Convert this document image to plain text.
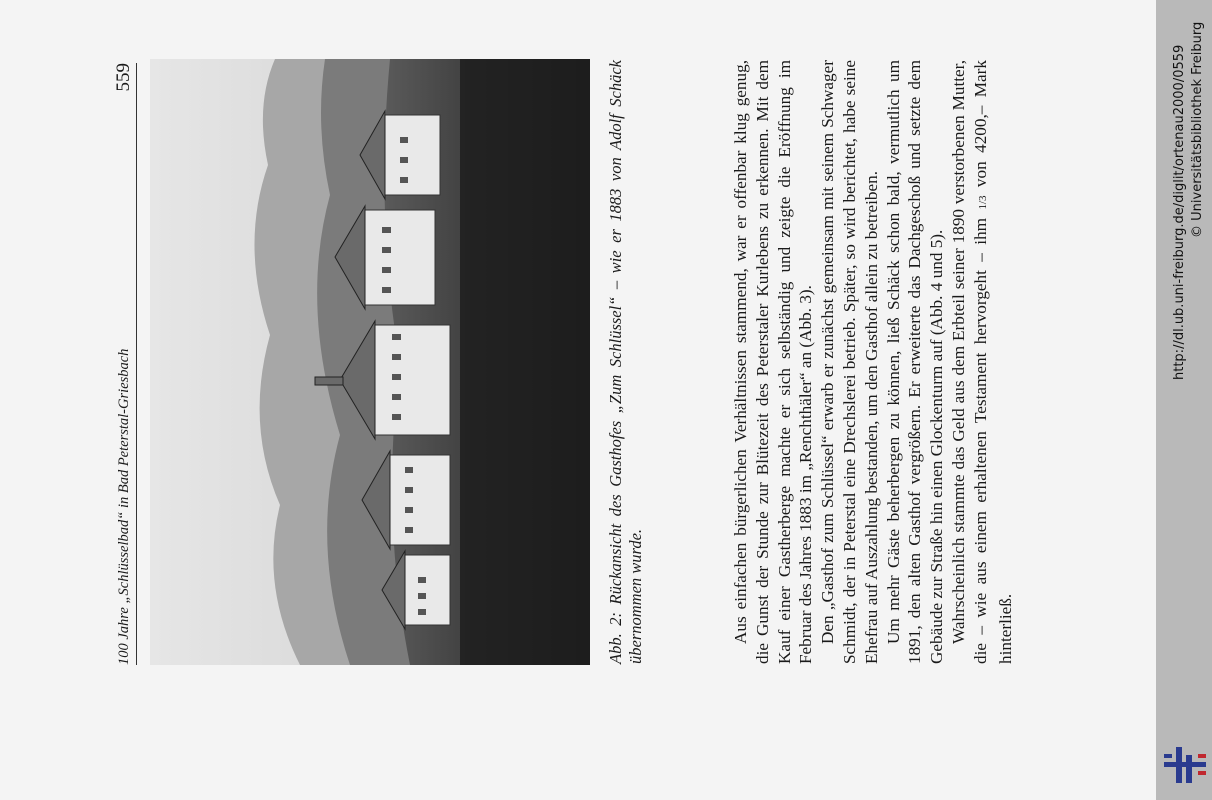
100 Jahre „Schlüsselbad“ in Bad Peterstal-Griesbach
559	Abb. 2: Rückansicht des Gasthofes „Zum Schlüssel“ – wie er 1883 von Adolf Schäck übernommen wurde.	Aus einfachen bürgerlichen Verhältnissen stammend, war er offenbar klug genug, die Gunst der Stunde zur Blütezeit des Peterstaler Kurlebens zu erkennen. Mit dem Kauf einer Gastherberge machte er sich selbständig und zeigte die Eröffnung im Februar des Jahres 1883 im „Renchthäler“ an (Abb. 3). Den „Gasthof zum Schlüssel“ erwarb er zunächst gemeinsam mit seinem Schwager Schmidt, der in Peterstal eine Drechslerei betrieb. Später, so wird berichtet, habe seine Ehefrau auf Auszahlung bestanden, um den Gasthof allein zu betreiben. Um mehr Gäste beherbergen zu können, ließ Schäck schon bald, vermutlich um 1891, den alten Gasthof vergrößern. Er erweiterte das Dachgeschoß und setzte dem Gebäude zur Straße hin einen Glockenturm auf (Abb. 4 und 5). Wahrscheinlich stammte das Geld aus dem Erbteil seiner 1890 verstorbenen Mutter, die – wie aus einem erhaltenen Testament hervorgeht – ihm 1/3 von 4200,– Mark hinterließ.

http://dl.ub.uni-freiburg.de/diglit/ortenau2000/0559 © Universitätsbibliothek Freiburg
